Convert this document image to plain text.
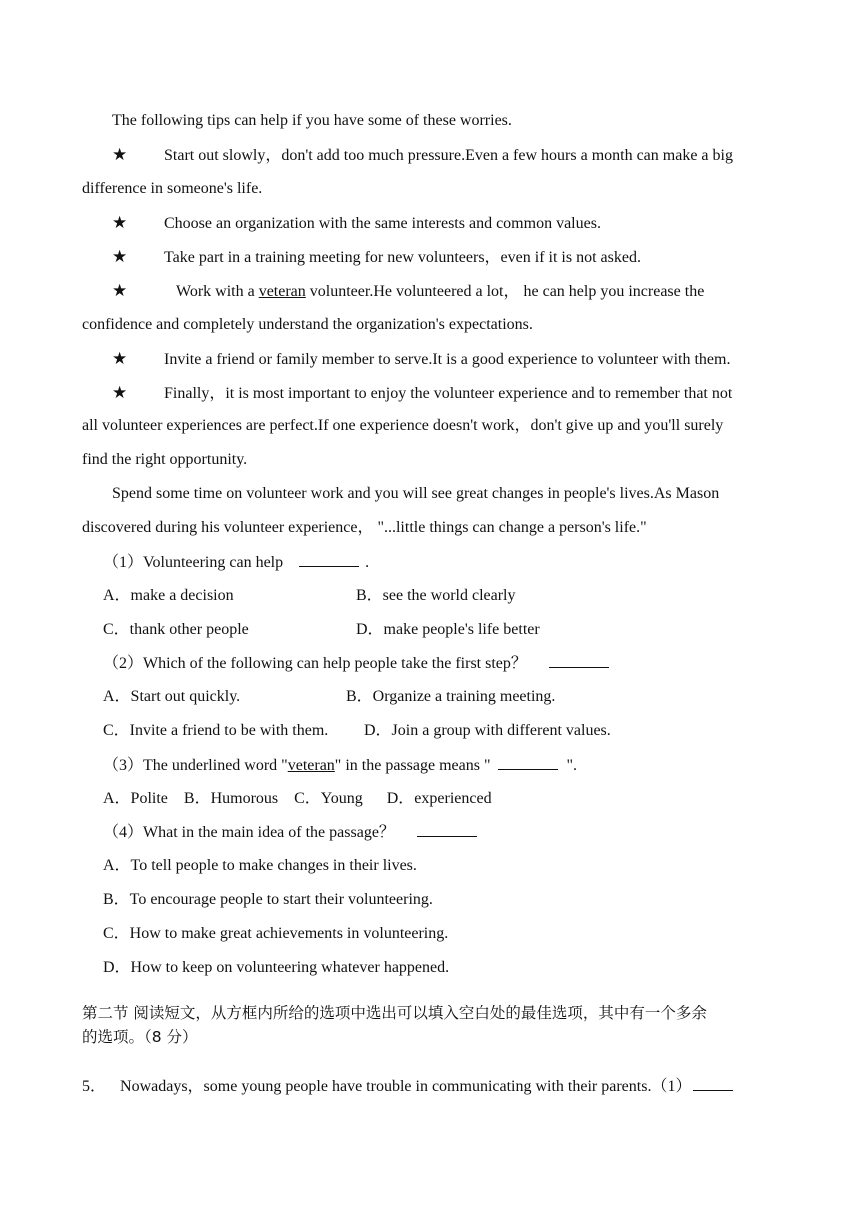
The following tips can help if you have some of these worries.
★ Start out slowly，don't add too much pressure.Even a few hours a month can make a big
difference in someone's life.
★ Choose an organization with the same interests and common values.
★ Take part in a training meeting for new volunteers，even if it is not asked.
★	Work with a veteran volunteer.He volunteered a lot， he can help you increase the
confidence and completely understand the organization's expectations.
★ Invite a friend or family member to serve.It is a good experience to volunteer with them.
★ Finally，it is most important to enjoy the volunteer experience and to remember that not
all volunteer experiences are perfect.If one experience doesn't work，don't give up and you'll surely
find the right opportunity.
Spend some time on volunteer work and you will see great changes in people's lives.As Mason
discovered during his volunteer experience， "...little things can change a person's life."
（1）Volunteering can help	.
A．make a decision	B．see the world clearly
C．thank other people	D．make people's life better
（2）Which of the following can help people take the first step？
A．Start out quickly.	B．Organize a training meeting.
C．Invite a friend to be with them. D．Join a group with different values.
（3）The underlined word "veteran" in the passage means "	".
A．Polite    B．Humorous    C．Young      D．experienced
（4）What in the main idea of the passage？
A．To tell people to make changes in their lives.
B．To encourage people to start their volunteering.
C．How to make great achievements in volunteering.
D．How to keep on volunteering whatever happened.
第二节 阅读短文，从方框内所给的选项中选出可以填入空白处的最佳选项，其中有一个多余
的选项。（8 分）
5． Nowadays，some young people have trouble in communicating with their parents.（1）
